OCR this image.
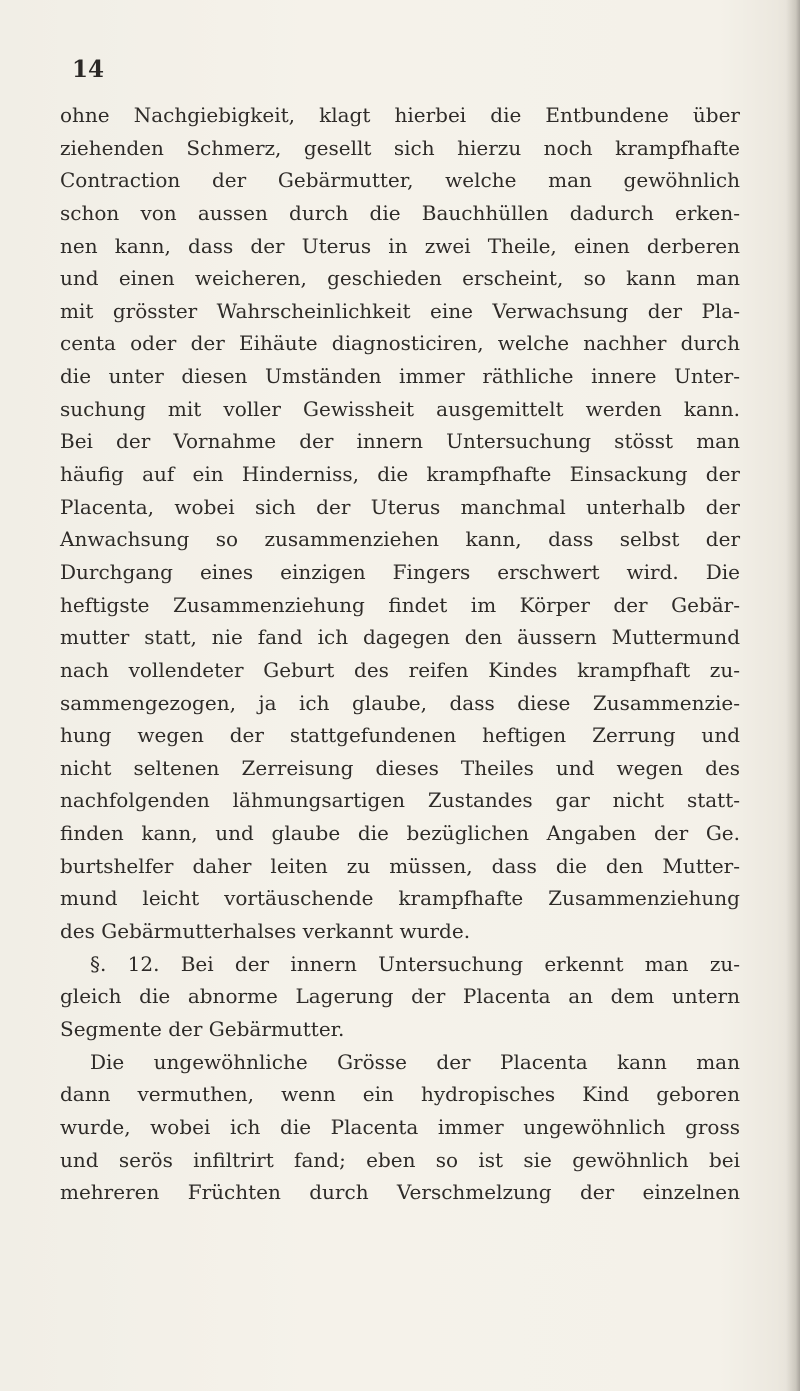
14
ohne Nachgiebigkeit, klagt hierbei die Entbundene über
ziehenden Schmerz, gesellt sich hierzu noch krampfhafte
Contraction der Gebärmutter, welche man gewöhnlich
schon von aussen durch die Bauchhüllen dadurch erken-
nen kann, dass der Uterus in zwei Theile, einen derberen
und einen weicheren, geschieden erscheint, so kann man
mit grösster Wahrscheinlichkeit eine Verwachsung der Pla-
centa oder der Eihäute diagnosticiren, welche nachher durch
die unter diesen Umständen immer räthliche innere Unter-
suchung mit voller Gewissheit ausgemittelt werden kann.
Bei der Vornahme der innern Untersuchung stösst man
häufig auf ein Hinderniss, die krampfhafte Einsackung der
Placenta, wobei sich der Uterus manchmal unterhalb der
Anwachsung so zusammenziehen kann, dass selbst der
Durchgang eines einzigen Fingers erschwert wird. Die
heftigste Zusammenziehung findet im Körper der Gebär-
mutter statt, nie fand ich dagegen den äussern Muttermund
nach vollendeter Geburt des reifen Kindes krampfhaft zu-
sammengezogen, ja ich glaube, dass diese Zusammenzie-
hung wegen der stattgefundenen heftigen Zerrung und
nicht seltenen Zerreisung dieses Theiles und wegen des
nachfolgenden lähmungsartigen Zustandes gar nicht statt-
finden kann, und glaube die bezüglichen Angaben der Ge.
burtshelfer daher leiten zu müssen, dass die den Mutter-
mund leicht vortäuschende krampfhafte Zusammenziehung
des Gebärmutterhalses verkannt wurde.
§. 12. Bei der innern Untersuchung erkennt man zu-
gleich die abnorme Lagerung der Placenta an dem untern
Segmente der Gebärmutter.
Die ungewöhnliche Grösse der Placenta kann man
dann vermuthen, wenn ein hydropisches Kind geboren
wurde, wobei ich die Placenta immer ungewöhnlich gross
und serös infiltrirt fand; eben so ist sie gewöhnlich bei
mehreren Früchten durch Verschmelzung der einzelnen
